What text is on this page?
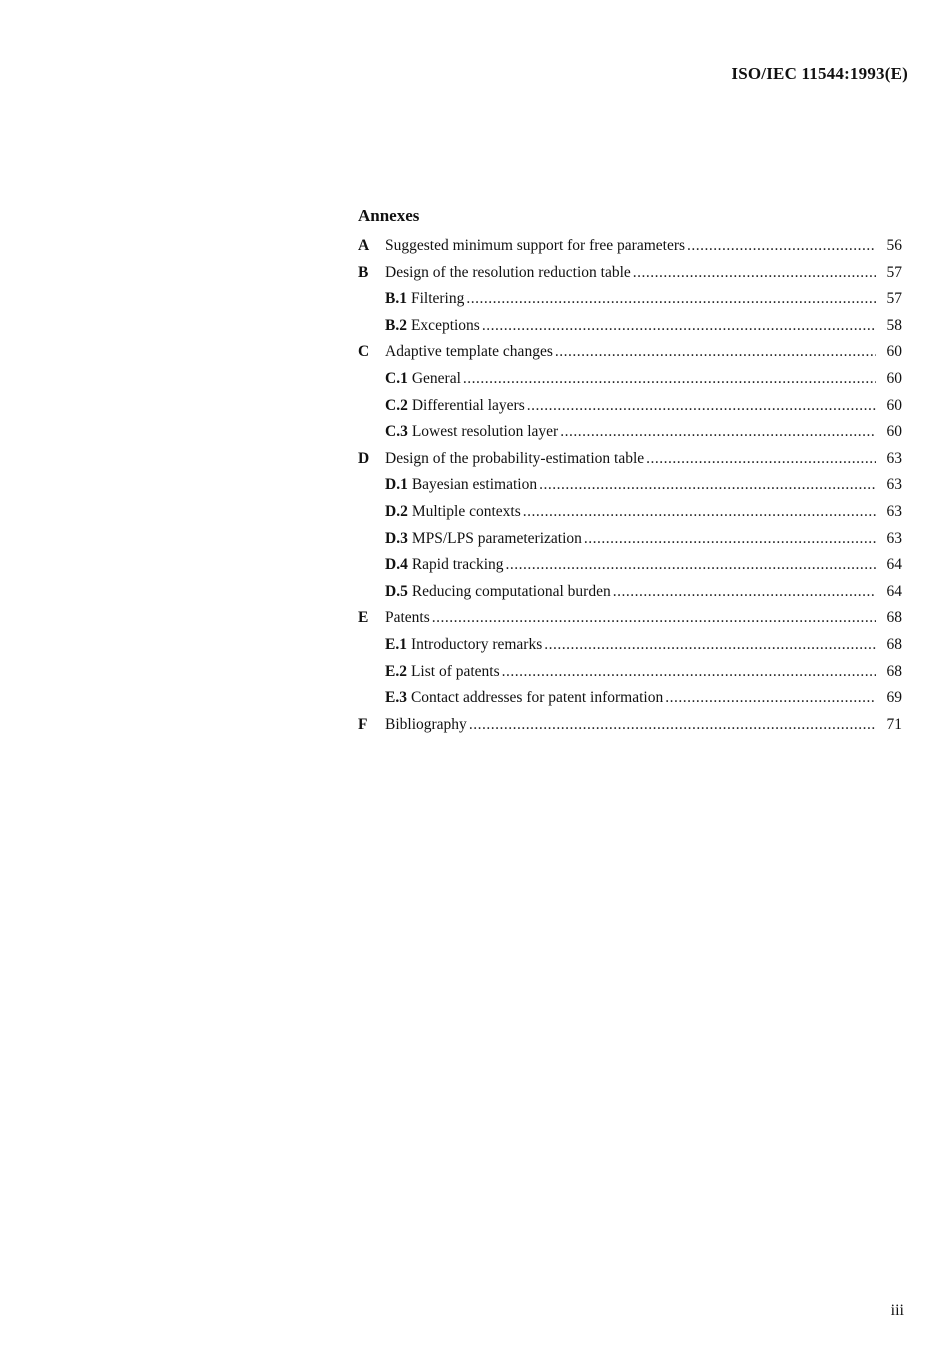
ISO/IEC 11544:1993(E)
Annexes
A	Suggested minimum support for free parameters .....	56
B	Design of the resolution reduction table .....	57
B.1 Filtering .....	57
B.2 Exceptions .....	58
C	Adaptive template changes .....	60
C.1 General .....	60
C.2 Differential layers .....	60
C.3 Lowest resolution layer .....	60
D	Design of the probability-estimation table .....	63
D.1 Bayesian estimation .....	63
D.2 Multiple contexts .....	63
D.3 MPS/LPS parameterization .....	63
D.4 Rapid tracking .....	64
D.5 Reducing computational burden .....	64
E	Patents .....	68
E.1 Introductory remarks .....	68
E.2 List of patents .....	68
E.3 Contact addresses for patent information .....	69
F	Bibliography .....	71
iii
